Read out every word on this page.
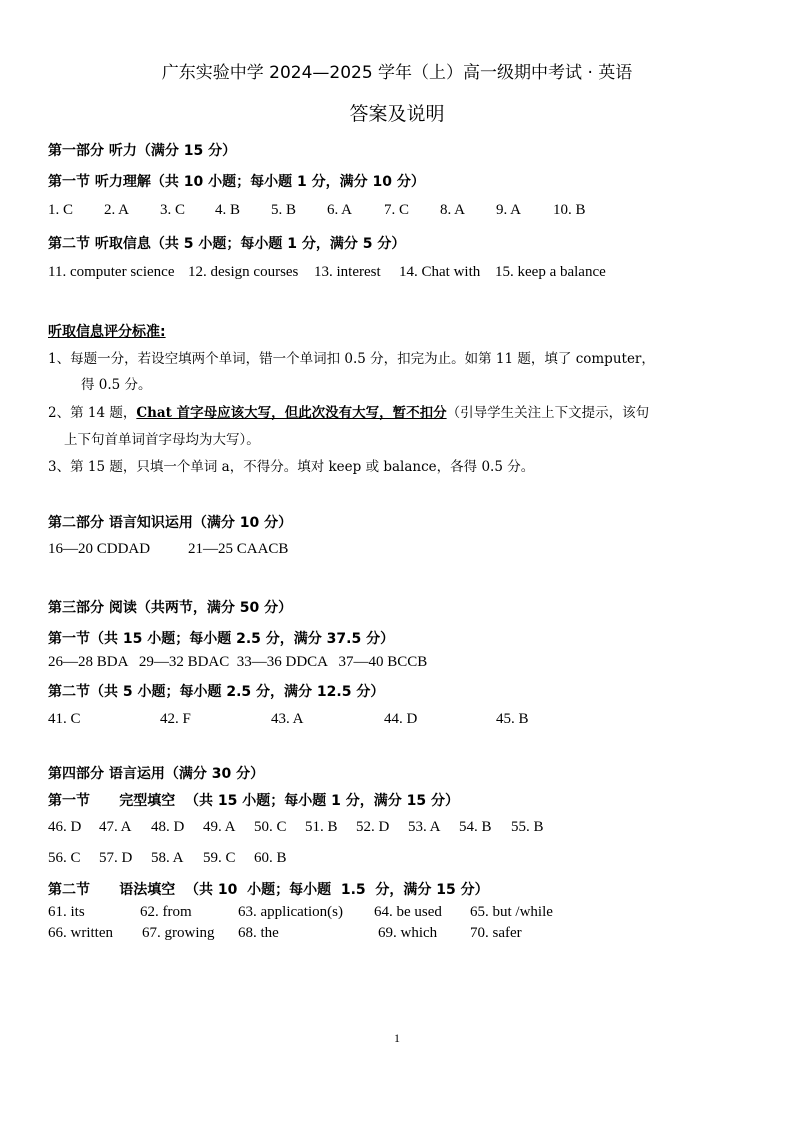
广东实验中学 2024—2025 学年（上）高一级期中考试 · 英语
答案及说明
第一部分 听力（满分 15 分）
第一节 听力理解（共 10 小题；每小题 1 分，满分 10 分）
1. C 2. A 3. C 4. B 5. B 6. A 7. C 8. A 9. A 10. B
第二节 听取信息（共 5 小题；每小题 1 分，满分 5 分）
11. computer science 12. design courses 13. interest 14. Chat with 15. keep a balance
听取信息评分标准:
1、每题一分，若设空填两个单词，错一个单词扣 0.5 分，扣完为止。如第 11 题，填了 computer，
得 0.5 分。
2、第 14 题，Chat 首字母应该大写，但此次没有大写，暂不扣分（引导学生关注上下文提示，该句
上下句首单词首字母均为大写）。
3、第 15 题，只填一个单词 a，不得分。填对 keep 或 balance，各得 0.5 分。
第二部分 语言知识运用（满分 10 分）
16—20 CDDAD	21—25 CAACB
第三部分 阅读（共两节，满分 50 分）
第一节（共 15 小题；每小题 2.5 分，满分 37.5 分）
26—28 BDA   29—32 BDAC  33—36 DDCA   37—40 BCCB
第二节（共 5 小题；每小题 2.5 分，满分 12.5 分）
41. C	42. F	43. A	44. D	45. B
第四部分 语言运用（满分 30 分）
第一节      完型填空  （共 15 小题；每小题 1 分，满分 15 分）
46. D 47. A 48. D 49. A 50. C 51. B 52. D 53. A 54. B 55. B
56. C 57. D 58. A 59. C 60. B
第二节      语法填空  （共 10  小题；每小题  1.5  分，满分 15 分）
61. its	62. from	63. application(s) 64. be used 65. but /while
66. written 67. growing 68. the	69. which 70. safer
1
